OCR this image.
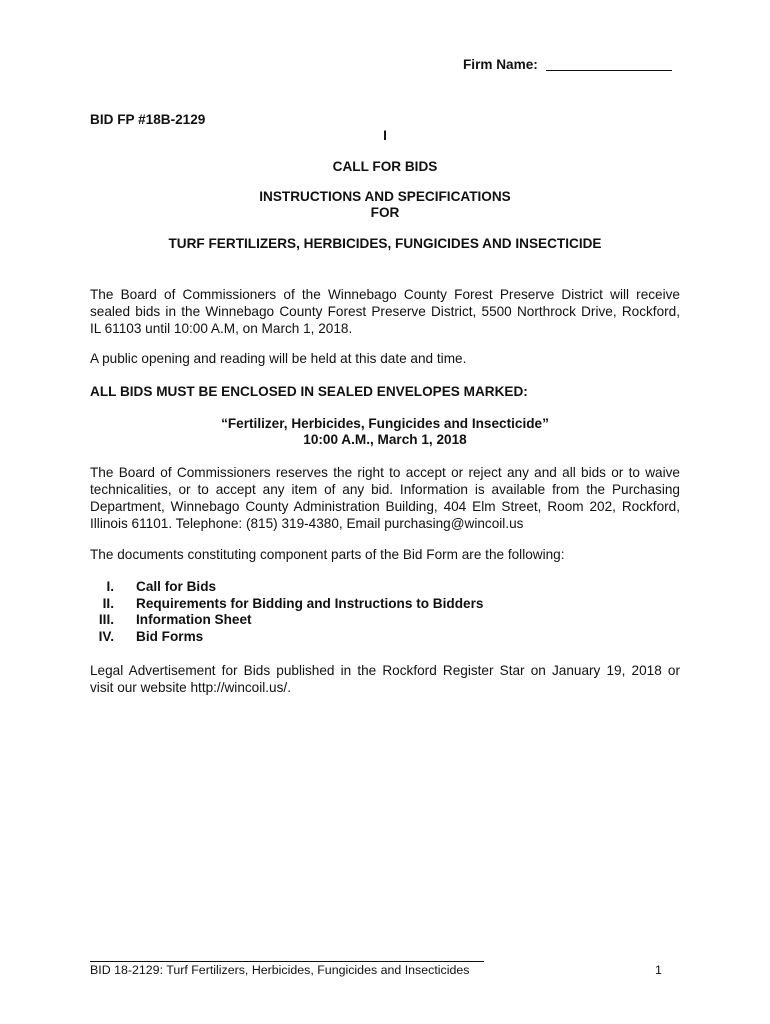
Firm Name:
BID FP #18B-2129
I
CALL FOR BIDS
INSTRUCTIONS AND SPECIFICATIONS
FOR
TURF FERTILIZERS, HERBICIDES, FUNGICIDES AND INSECTICIDE
The Board of Commissioners of the Winnebago County Forest Preserve District will receive
sealed bids in the Winnebago County Forest Preserve District, 5500 Northrock Drive, Rockford,
IL 61103 until 10:00 A.M, on March 1, 2018.
A public opening and reading will be held at this date and time.
ALL BIDS MUST BE ENCLOSED IN SEALED ENVELOPES MARKED:
“Fertilizer, Herbicides, Fungicides and Insecticide”
10:00 A.M., March 1, 2018
The Board of Commissioners reserves the right to accept or reject any and all bids or to waive
technicalities, or to accept any item of any bid. Information is available from the Purchasing
Department, Winnebago County Administration Building, 404 Elm Street, Room 202, Rockford,
Illinois 61101. Telephone: (815) 319-4380, Email purchasing@wincoil.us
The documents constituting component parts of the Bid Form are the following:
I.	Call for Bids
II.	Requirements for Bidding and Instructions to Bidders
III.	Information Sheet
IV.	Bid Forms
Legal Advertisement for Bids published in the Rockford Register Star on January 19, 2018 or
visit our website http://wincoil.us/.
BID 18-2129: Turf Fertilizers, Herbicides, Fungicides and Insecticides	1
